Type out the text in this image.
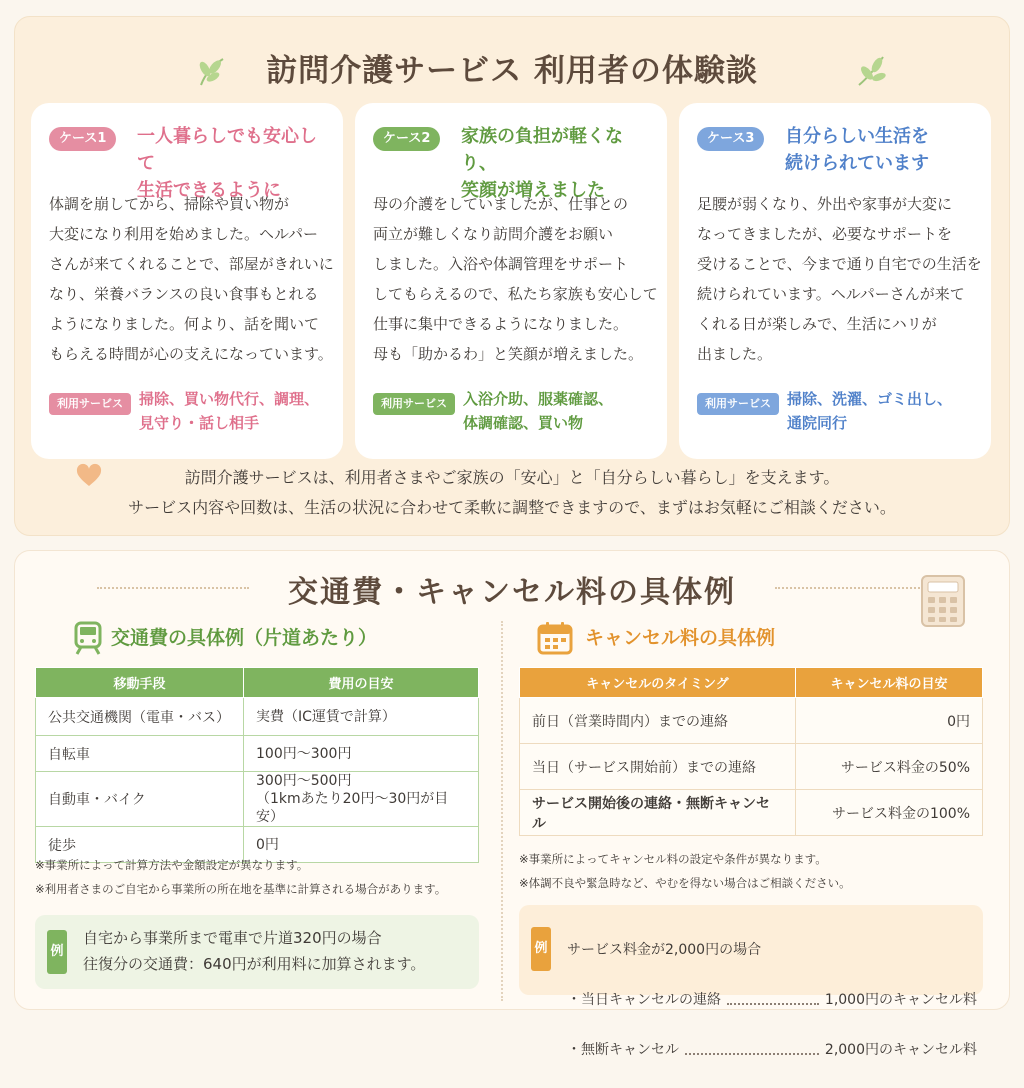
訪問介護サービス 利用者の体験談
ケース1	一人暮らしでも安心して
生活できるように
体調を崩してから、掃除や買い物が
大変になり利用を始めました。ヘルパー
さんが来てくれることで、部屋がきれいに
なり、栄養バランスの良い食事もとれる
ようになりました。何より、話を聞いて
もらえる時間が心の支えになっています。
利用サービス	掃除、買い物代行、調理、
見守り・話し相手
ケース2	家族の負担が軽くなり、
笑顔が増えました
母の介護をしていましたが、仕事との
両立が難しくなり訪問介護をお願い
しました。入浴や体調管理をサポート
してもらえるので、私たち家族も安心して
仕事に集中できるようになりました。
母も「助かるわ」と笑顔が増えました。
利用サービス	入浴介助、服薬確認、
体調確認、買い物
ケース3	自分らしい生活を
続けられています
足腰が弱くなり、外出や家事が大変に
なってきましたが、必要なサポートを
受けることで、今まで通り自宅での生活を
続けられています。ヘルパーさんが来て
くれる日が楽しみで、生活にハリが
出ました。
利用サービス	掃除、洗濯、ゴミ出し、
通院同行
訪問介護サービスは、利用者さまやご家族の「安心」と「自分らしい暮らし」を支えます。
サービス内容や回数は、生活の状況に合わせて柔軟に調整できますので、まずはお気軽にご相談ください。
交通費・キャンセル料の具体例
交通費の具体例（片道あたり）
移動手段	費用の目安
公共交通機関（電車・バス）	実費（IC運賃で計算）
自転車	100円～300円
自動車・バイク	300円～500円
（1kmあたり20円～30円が目安）
徒歩	0円
※事業所によって計算方法や金額設定が異なります。
※利用者さまのご自宅から事業所の所在地を基準に計算される場合があります。
例
自宅から事業所まで電車で片道320円の場合
往復分の交通費：640円が利用料に加算されます。
キャンセル料の具体例
キャンセルのタイミング	キャンセル料の目安
前日（営業時間内）までの連絡	0円
当日（サービス開始前）までの連絡	サービス料金の50%
サービス開始後の連絡・無断キャンセル	サービス料金の100%
※事業所によってキャンセル料の設定や条件が異なります。
※体調不良や緊急時など、やむを得ない場合はご相談ください。
例 サービス料金が2,000円の場合

・当日キャンセルの連絡	1,000円のキャンセル料

・無断キャンセル	2,000円のキャンセル料
